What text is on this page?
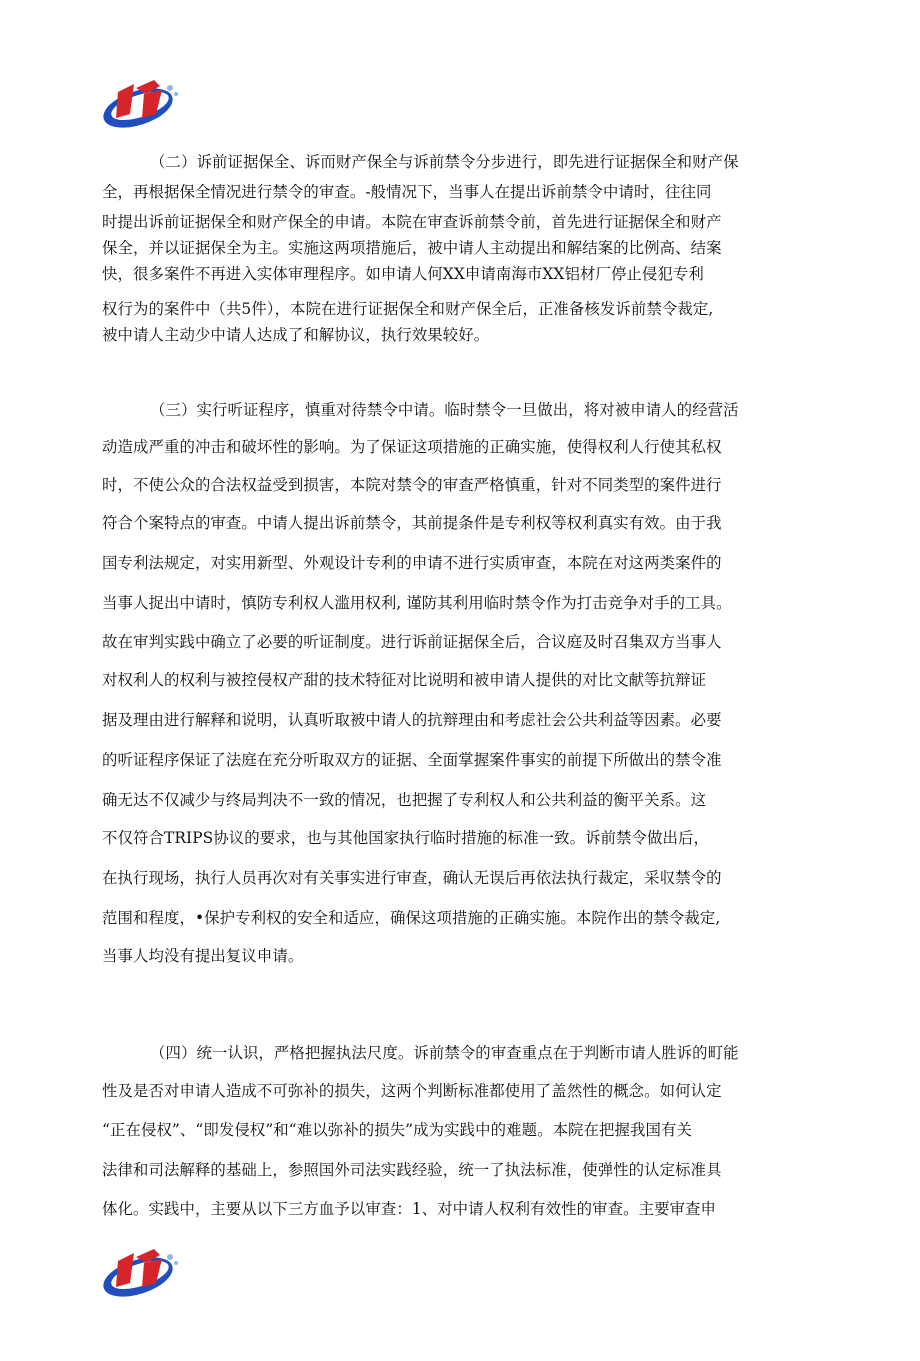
（二）诉前证据保全、诉而财产保全与诉前禁令分步进行，即先进行证据保全和财产保
全，再根据保全情况进行禁令的审查。-般情况下，当事人在提出诉前禁令中请时，往往同
时提出诉前证据保全和财产保全的申请。本院在审查诉前禁令前，首先进行证据保全和财产
保全，并以证据保全为主。实施这两项措施后，被中请人主动提出和解结案的比例高、结案
快，很多案件不再进入实体审理程序。如申请人何XX申请南海市XX铝材厂停止侵犯专利
权行为的案件中（共5件），本院在进行证据保全和财产保全后，正准备核发诉前禁令裁定,
被中请人主动少中请人达成了和解协议，执行效果较好。
（三）实行听证程序，慎重对待禁令中请。临时禁令一旦做出，将对被申请人的经营活
动造成严重的冲击和破坏性的影响。为了保证这项措施的正确实施，使得权利人行使其私权
时，不使公众的合法权益受到损害，本院对禁令的审查严格慎重，针对不同类型的案件进行
符合个案特点的审查。中请人提出诉前禁令，其前提条件是专利权等权利真实有效。由于我
国专利法规定，对实用新型、外观设计专利的申请不进行实质审查，本院在对这两类案件的
当事人捉出中请时，慎防专利权人滥用权利, 谨防其利用临时禁令作为打击竞争对手的工具。
故在审判实践中确立了必要的听证制度。进行诉前证据保全后，合议庭及时召集双方当事人
对权利人的权利与被控侵权产甜的技术特征对比说明和被申请人提供的对比文献等抗辩证
据及理由进行解释和说明，认真听取被中请人的抗辩理由和考虑社会公共利益等因素。必要
的听证程序保证了法庭在充分听取双方的证据、全面掌握案件事实的前提下所做出的禁令准
确无达不仅减少与终局判决不一致的情况，也把握了专利权人和公共利益的衡平关系。这
不仅符合TRIPS协议的要求，也与其他国家执行临时措施的标准一致。诉前禁令做出后，
在执行现场，执行人员再次对有关事实进行审查，确认无误后再依法执行裁定，采収禁令的
范围和程度，•保护专利权的安全和适应，确保这项措施的正确实施。本院作出的禁令裁定,
当事人均没有提出复议申请。
（四）统一认识，严格把握执法尺度。诉前禁令的审查重点在于判断巿请人胜诉的町能
性及是否对申请人造成不可弥补的损失，这两个判断标准都使用了盖然性的概念。如何认定
“正在侵权”、“即发侵权”和“难以弥补的损失”成为实践中的难题。本院在把握我国有关
法律和司法解释的基础上，参照国外司法实践经验，统一了执法标准，使弹性的认定标准具
体化。实践中，主要从以下三方血予以审查：1、对中请人权利有效性的审查。主要审查申
